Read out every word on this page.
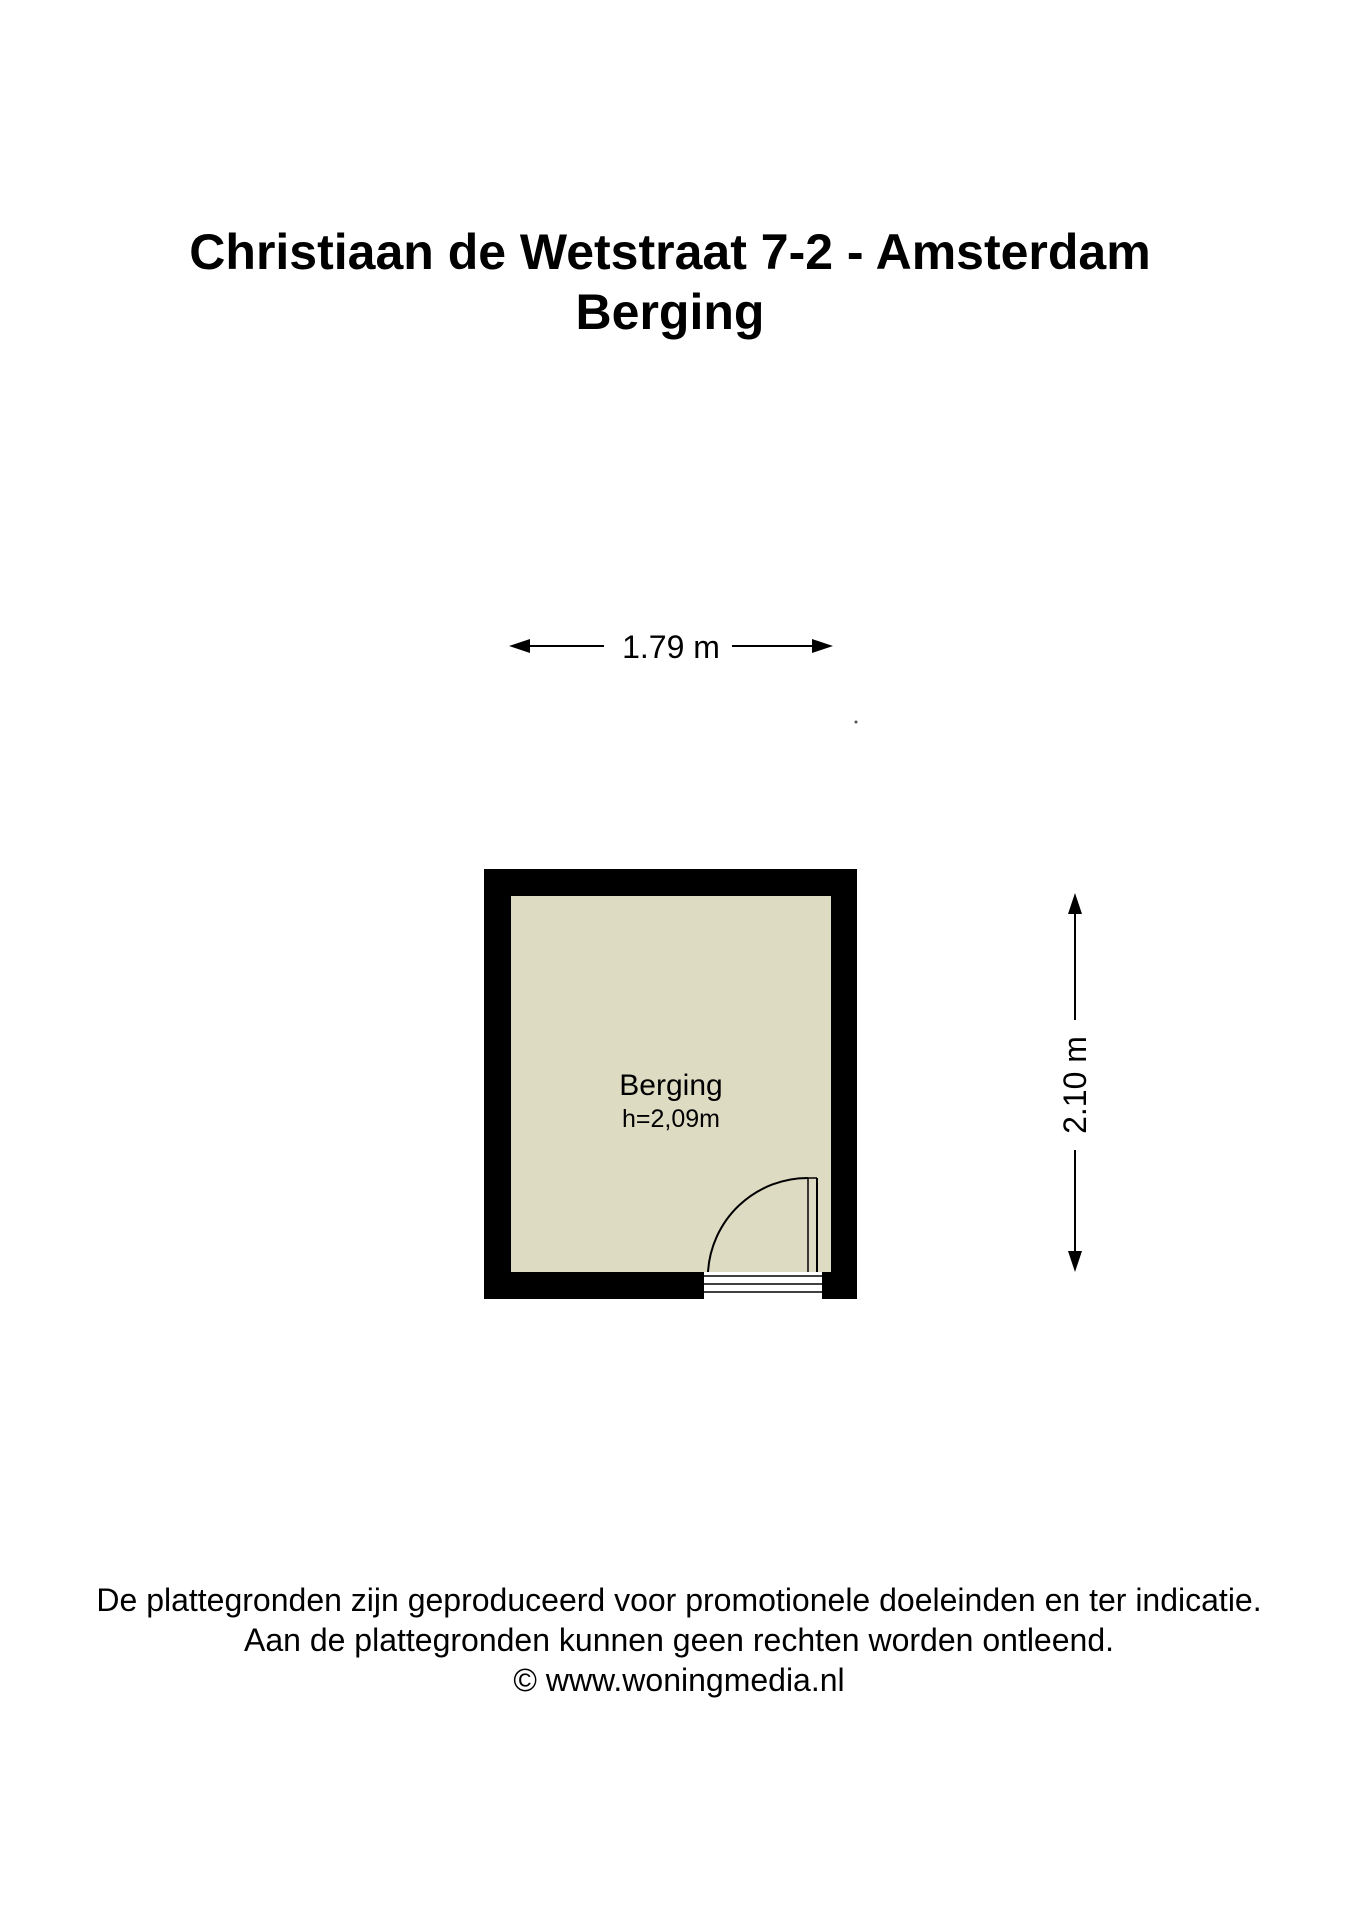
Christiaan de Wetstraat 7-2 - Amsterdam
Berging
1.79 m
Berging
h=2,09m	2.10 m

De plattegronden zijn geproduceerd voor promotionele doeleinden en ter indicatie.

Aan de plattegronden kunnen geen rechten worden ontleend.

© www.woningmedia.nl
